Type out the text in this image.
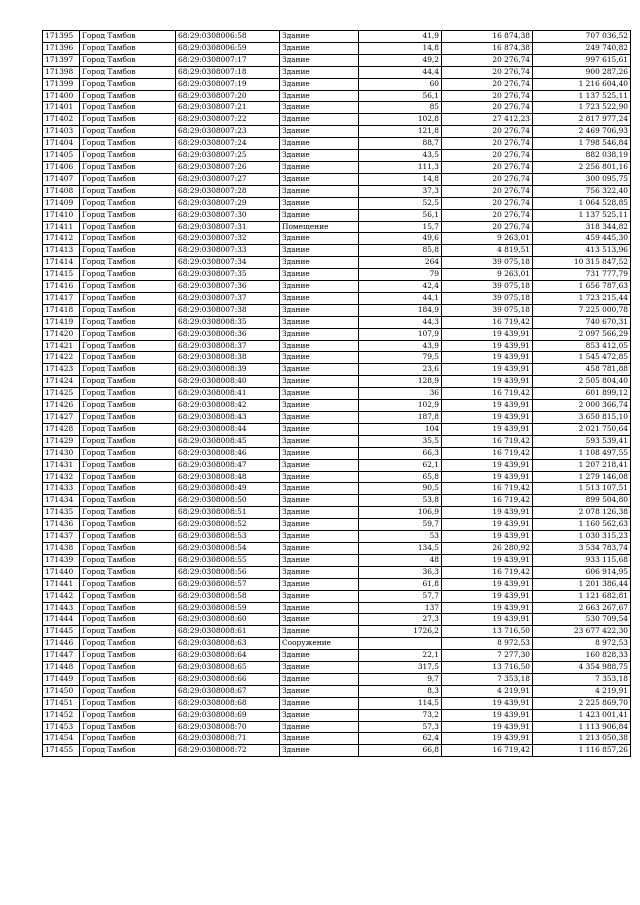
171395	Город Тамбов	68:29:0308006:58	Здание	41,9	16 874,38	707 036,52
171396	Город Тамбов	68:29:0308006:59	Здание	14,8	16 874,38	249 740,82
171397	Город Тамбов	68:29:0308007:17	Здание	49,2	20 276,74	997 615,61
171398	Город Тамбов	68:29:0308007:18	Здание	44,4	20 276,74	900 287,26
171399	Город Тамбов	68:29:0308007:19	Здание	60	20 276,74	1 216 604,40
171400	Город Тамбов	68:29:0308007:20	Здание	56,1	20 276,74	1 137 525,11
171401	Город Тамбов	68:29:0308007:21	Здание	85	20 276,74	1 723 522,90
171402	Город Тамбов	68:29:0308007:22	Здание	102,8	27 412,23	2 817 977,24
171403	Город Тамбов	68:29:0308007:23	Здание	121,8	20 276,74	2 469 706,93
171404	Город Тамбов	68:29:0308007:24	Здание	88,7	20 276,74	1 798 546,84
171405	Город Тамбов	68:29:0308007:25	Здание	43,5	20 276,74	882 038,19
171406	Город Тамбов	68:29:0308007:26	Здание	111,3	20 276,74	2 256 801,16
171407	Город Тамбов	68:29:0308007:27	Здание	14,8	20 276,74	300 095,75
171408	Город Тамбов	68:29:0308007:28	Здание	37,3	20 276,74	756 322,40
171409	Город Тамбов	68:29:0308007:29	Здание	52,5	20 276,74	1 064 528,85
171410	Город Тамбов	68:29:0308007:30	Здание	56,1	20 276,74	1 137 525,11
171411	Город Тамбов	68:29:0308007:31	Помещение	15,7	20 276,74	318 344,82
171412	Город Тамбов	68:29:0308007:32	Здание	49,6	9 263,01	459 445,30
171413	Город Тамбов	68:29:0308007:33	Здание	85,8	4 819,51	413 513,96
171414	Город Тамбов	68:29:0308007:34	Здание	264	39 075,18	10 315 847,52
171415	Город Тамбов	68:29:0308007:35	Здание	79	9 263,01	731 777,79
171416	Город Тамбов	68:29:0308007:36	Здание	42,4	39 075,18	1 656 787,63
171417	Город Тамбов	68:29:0308007:37	Здание	44,1	39 075,18	1 723 215,44
171418	Город Тамбов	68:29:0308007:38	Здание	184,9	39 075,18	7 225 000,78
171419	Город Тамбов	68:29:0308008:35	Здание	44,3	16 719,42	740 670,31
171420	Город Тамбов	68:29:0308008:36	Здание	107,9	19 439,91	2 097 566,29
171421	Город Тамбов	68:29:0308008:37	Здание	43,9	19 439,91	853 412,05
171422	Город Тамбов	68:29:0308008:38	Здание	79,5	19 439,91	1 545 472,85
171423	Город Тамбов	68:29:0308008:39	Здание	23,6	19 439,91	458 781,88
171424	Город Тамбов	68:29:0308008:40	Здание	128,9	19 439,91	2 505 804,40
171425	Город Тамбов	68:29:0308008:41	Здание	36	16 719,42	601 899,12
171426	Город Тамбов	68:29:0308008:42	Здание	102,9	19 439,91	2 000 366,74
171427	Город Тамбов	68:29:0308008:43	Здание	187,8	19 439,91	3 650 815,10
171428	Город Тамбов	68:29:0308008:44	Здание	104	19 439,91	2 021 750,64
171429	Город Тамбов	68:29:0308008:45	Здание	35,5	16 719,42	593 539,41
171430	Город Тамбов	68:29:0308008:46	Здание	66,3	16 719,42	1 108 497,55
171431	Город Тамбов	68:29:0308008:47	Здание	62,1	19 439,91	1 207 218,41
171432	Город Тамбов	68:29:0308008:48	Здание	65,8	19 439,91	1 279 146,08
171433	Город Тамбов	68:29:0308008:49	Здание	90,5	16 719,42	1 513 107,51
171434	Город Тамбов	68:29:0308008:50	Здание	53,8	16 719,42	899 504,80
171435	Город Тамбов	68:29:0308008:51	Здание	106,9	19 439,91	2 078 126,38
171436	Город Тамбов	68:29:0308008:52	Здание	59,7	19 439,91	1 160 562,63
171437	Город Тамбов	68:29:0308008:53	Здание	53	19 439,91	1 030 315,23
171438	Город Тамбов	68:29:0308008:54	Здание	134,5	26 280,92	3 534 783,74
171439	Город Тамбов	68:29:0308008:55	Здание	48	19 439,91	933 115,68
171440	Город Тамбов	68:29:0308008:56	Здание	36,3	16 719,42	606 914,95
171441	Город Тамбов	68:29:0308008:57	Здание	61,8	19 439,91	1 201 386,44
171442	Город Тамбов	68:29:0308008:58	Здание	57,7	19 439,91	1 121 682,81
171443	Город Тамбов	68:29:0308008:59	Здание	137	19 439,91	2 663 267,67
171444	Город Тамбов	68:29:0308008:60	Здание	27,3	19 439,91	530 709,54
171445	Город Тамбов	68:29:0308008:61	Здание	1726,2	13 716,50	23 677 422,30
171446	Город Тамбов	68:29:0308008:63	Сооружение		8 972,53	8 972,53
171447	Город Тамбов	68:29:0308008:64	Здание	22,1	7 277,30	160 828,33
171448	Город Тамбов	68:29:0308008:65	Здание	317,5	13 716,50	4 354 988,75
171449	Город Тамбов	68:29:0308008:66	Здание	9,7	7 353,18	7 353,18
171450	Город Тамбов	68:29:0308008:67	Здание	8,3	4 219,91	4 219,91
171451	Город Тамбов	68:29:0308008:68	Здание	114,5	19 439,91	2 225 869,70
171452	Город Тамбов	68:29:0308008:69	Здание	73,2	19 439,91	1 423 001,41
171453	Город Тамбов	68:29:0308008:70	Здание	57,3	19 439,91	1 113 906,84
171454	Город Тамбов	68:29:0308008:71	Здание	62,4	19 439,91	1 213 050,38
171455	Город Тамбов	68:29:0308008:72	Здание	66,8	16 719,42	1 116 857,26
